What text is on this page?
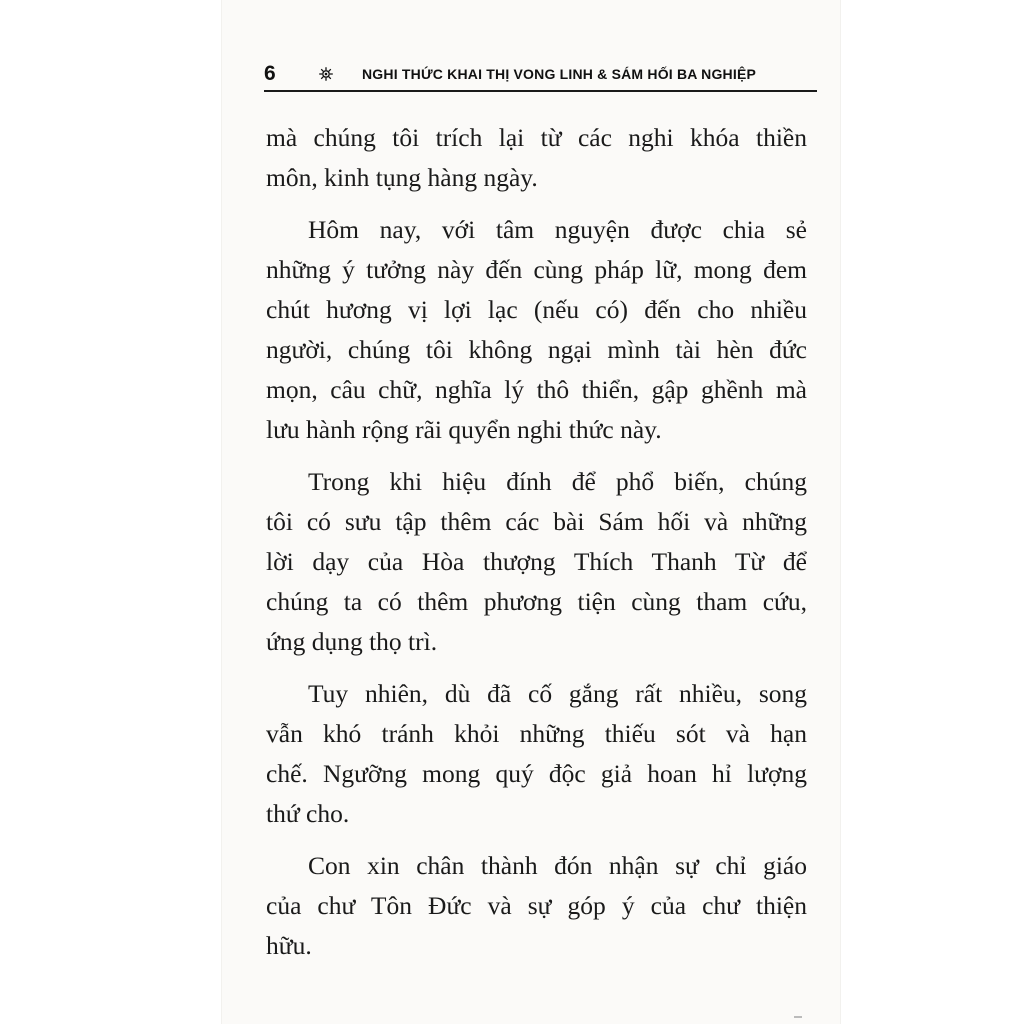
6	NGHI THỨC KHAI THỊ VONG LINH & SÁM HỐI BA NGHIỆP
mà chúng tôi trích lại từ các nghi khóa thiền
môn, kinh tụng hàng ngày.
Hôm nay, với tâm nguyện được chia sẻ
những ý tưởng này đến cùng pháp lữ, mong đem
chút hương vị lợi lạc (nếu có) đến cho nhiều
người, chúng tôi không ngại mình tài hèn đức
mọn, câu chữ, nghĩa lý thô thiển, gập ghềnh mà
lưu hành rộng rãi quyển nghi thức này.
Trong khi hiệu đính để phổ biến, chúng
tôi có sưu tập thêm các bài Sám hối và những
lời dạy của Hòa thượng Thích Thanh Từ để
chúng ta có thêm phương tiện cùng tham cứu,
ứng dụng thọ trì.
Tuy nhiên, dù đã cố gắng rất nhiều, song
vẫn khó tránh khỏi những thiếu sót và hạn
chế. Ngưỡng mong quý độc giả hoan hỉ lượng
thứ cho.
Con xin chân thành đón nhận sự chỉ giáo
của chư Tôn Đức và sự góp ý của chư thiện
hữu.
